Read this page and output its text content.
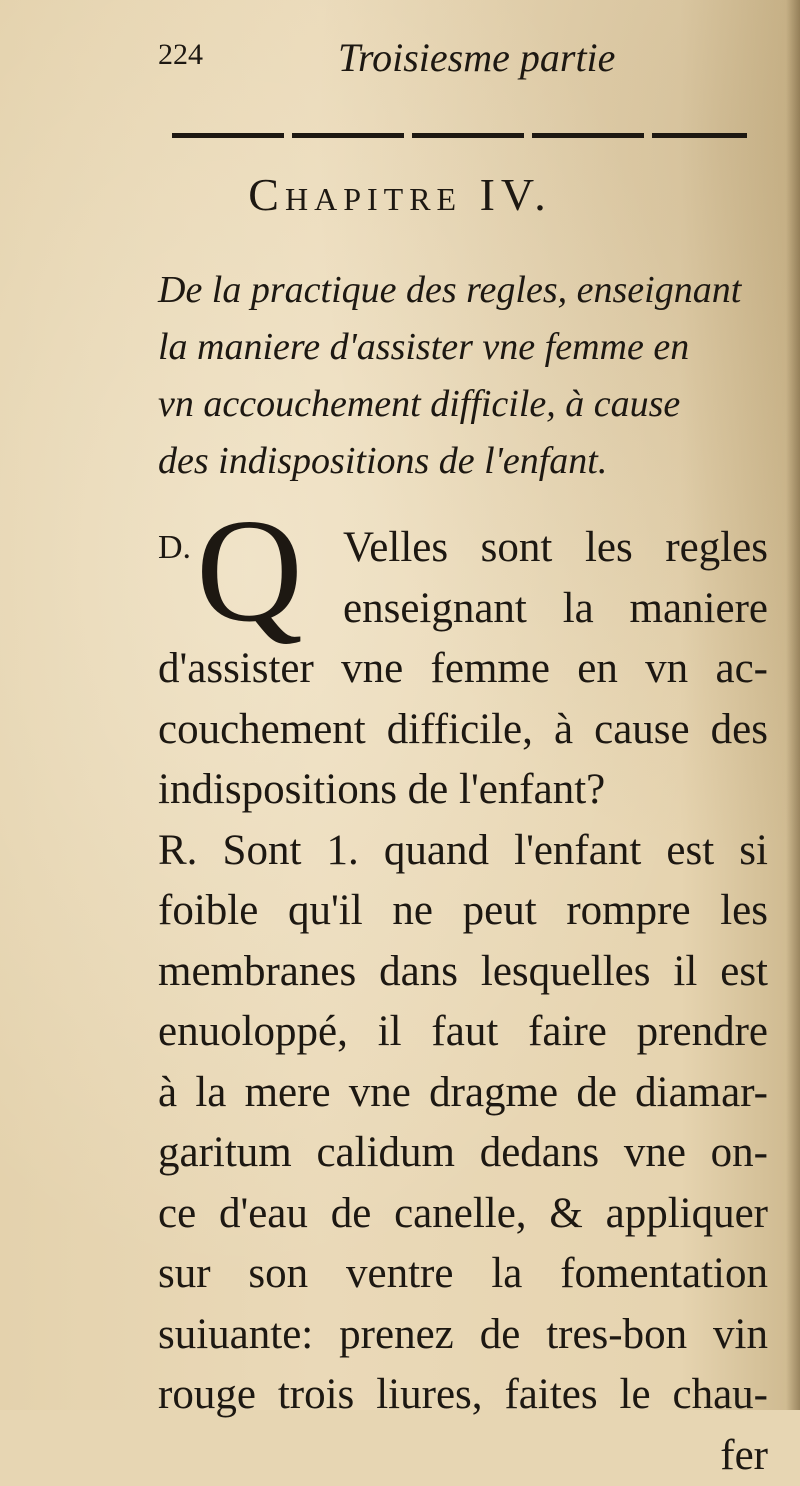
224	Troisiesme partie
Chapitre IV.
De la practique des regles, enseignant
la maniere d'assister vne femme en
vn accouchement difficile, à cause
des indispositions de l'enfant.
D. Q Velles sont les regles
enseignant la maniere
d'assister vne femme en vn ac-
couchement difficile, à cause des
indispositions de l'enfant?
R. Sont 1. quand l'enfant est si
foible qu'il ne peut rompre les
membranes dans lesquelles il est
enuoloppé, il faut faire prendre
à la mere vne dragme de diamar-
garitum calidum dedans vne on-
ce d'eau de canelle, & appliquer
sur son ventre la fomentation
suiuante: prenez de tres-bon vin
rouge trois liures, faites le chau-
fer
